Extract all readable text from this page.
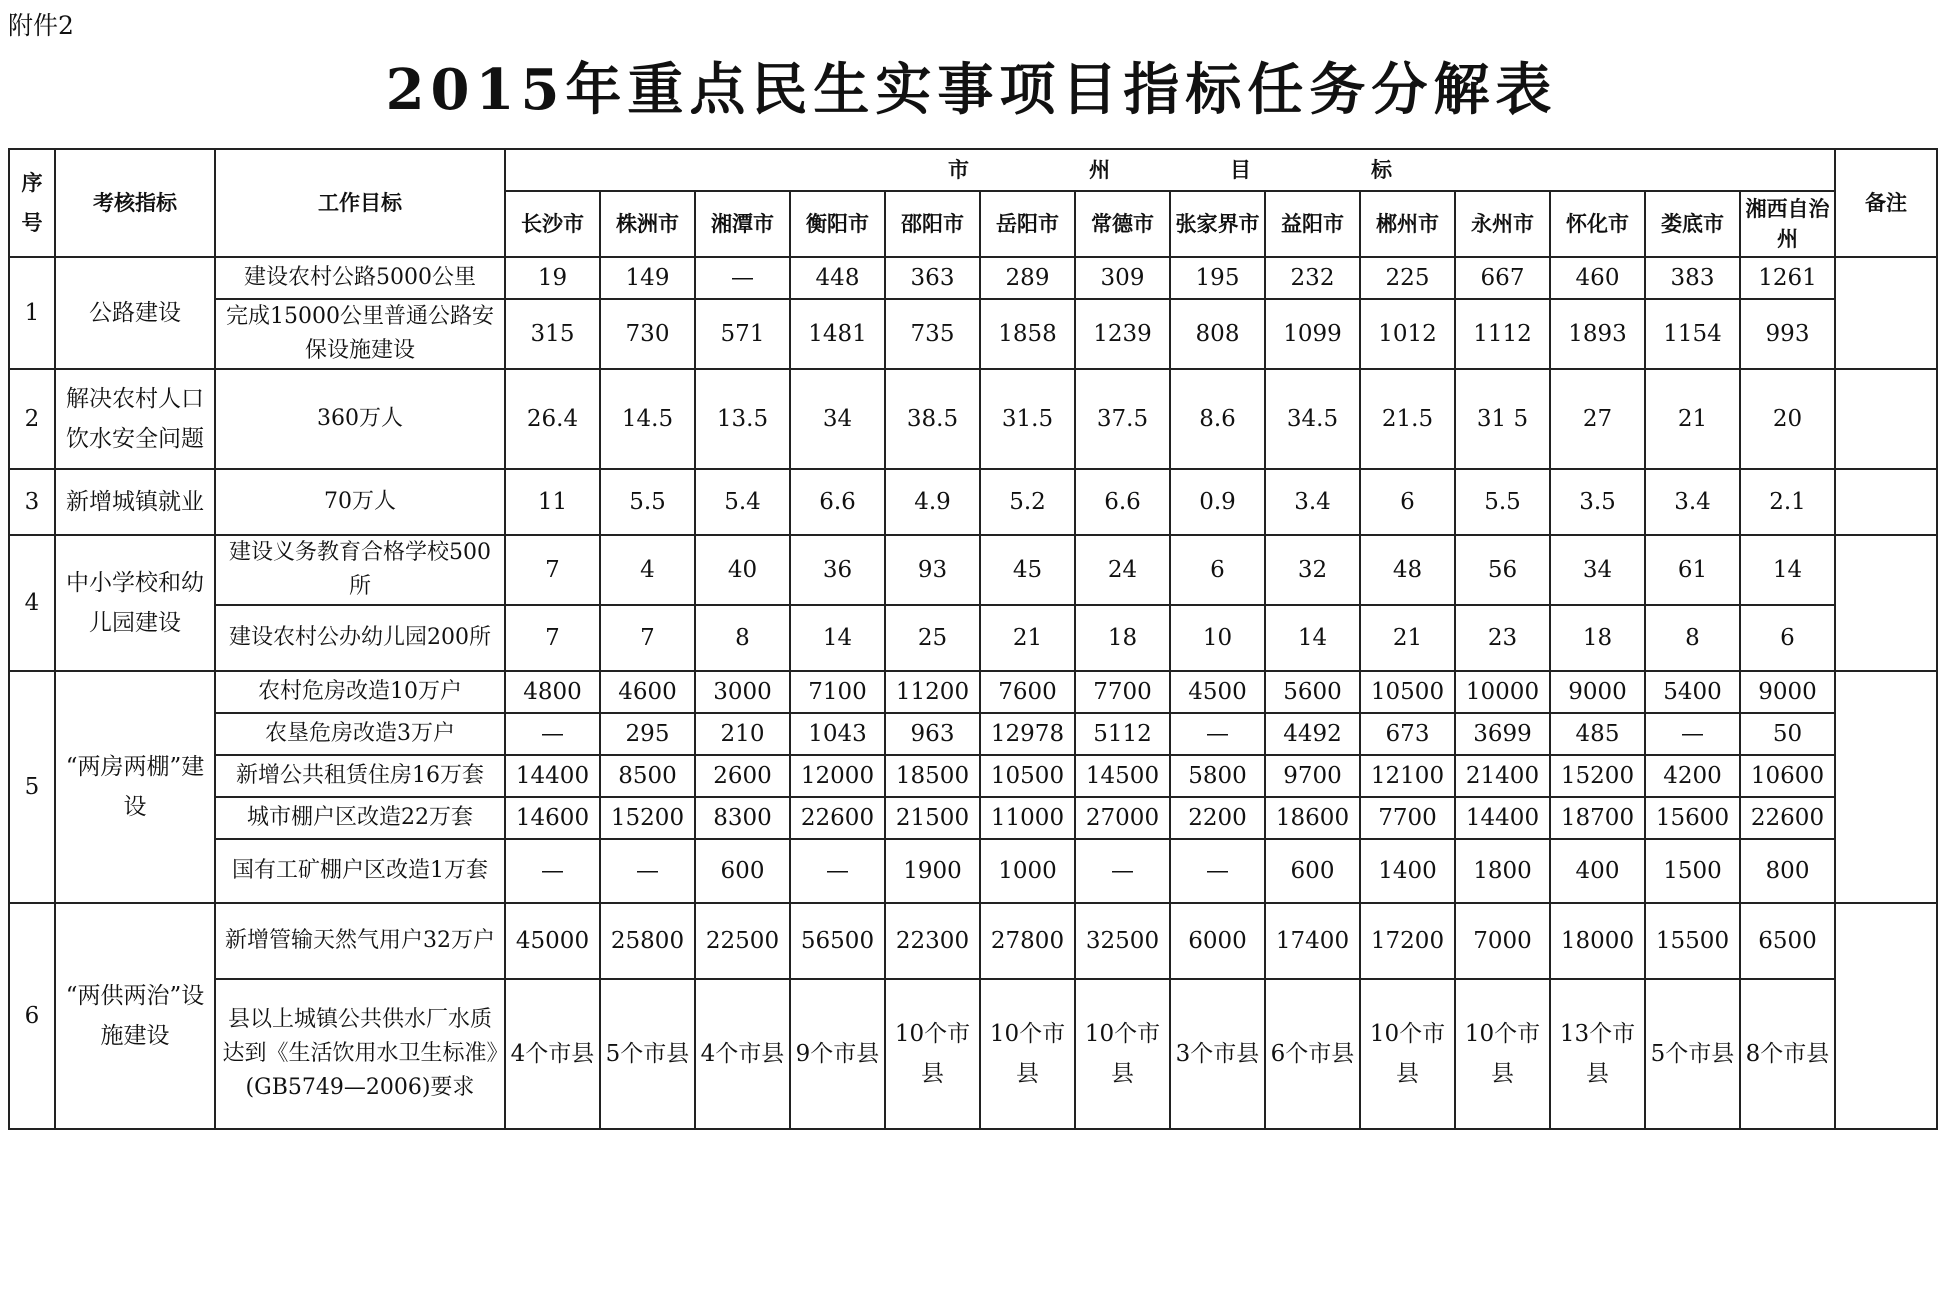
附件2
2015年重点民生实事项目指标任务分解表
序号	考核指标	工作目标	市 州 目 标														备注
			长沙市	株洲市	湘潭市	衡阳市	邵阳市	岳阳市	常德市	张家界市	益阳市	郴州市	永州市	怀化市	娄底市	湘西自治州	
1	公路建设	建设农村公路5000公里	19	149	—	448	363	289	309	195	232	225	667	460	383	1261	
		完成15000公里普通公路安保设施建设	315	730	571	1481	735	1858	1239	808	1099	1012	1112	1893	1154	993	
2	解决农村人口饮水安全问题	360万人	26.4	14.5	13.5	34	38.5	31.5	37.5	8.6	34.5	21.5	31 5	27	21	20	
3	新增城镇就业	70万人	11	5.5	5.4	6.6	4.9	5.2	6.6	0.9	3.4	6	5.5	3.5	3.4	2.1	
4	中小学校和幼儿园建设	建设义务教育合格学校500所	7	4	40	36	93	45	24	6	32	48	56	34	61	14	
		建设农村公办幼儿园200所	7	7	8	14	25	21	18	10	14	21	23	18	8	6	
5	“两房两棚”建设	农村危房改造10万户	4800	4600	3000	7100	11200	7600	7700	4500	5600	10500	10000	9000	5400	9000	
		农垦危房改造3万户	—	295	210	1043	963	12978	5112	—	4492	673	3699	485	—	50	
		新增公共租赁住房16万套	14400	8500	2600	12000	18500	10500	14500	5800	9700	12100	21400	15200	4200	10600	
		城市棚户区改造22万套	14600	15200	8300	22600	21500	11000	27000	2200	18600	7700	14400	18700	15600	22600	
		国有工矿棚户区改造1万套	—	—	600	—	1900	1000	—	—	600	1400	1800	400	1500	800	
6	“两供两治”设施建设	新增管输天然气用户32万户	45000	25800	22500	56500	22300	27800	32500	6000	17400	17200	7000	18000	15500	6500	
		县以上城镇公共供水厂水质达到《生活饮用水卫生标准》(GB5749—2006)要求	4个市县	5个市县	4个市县	9个市县	10个市县	10个市县	10个市县	3个市县	6个市县	10个市县	10个市县	13个市县	5个市县	8个市县	
